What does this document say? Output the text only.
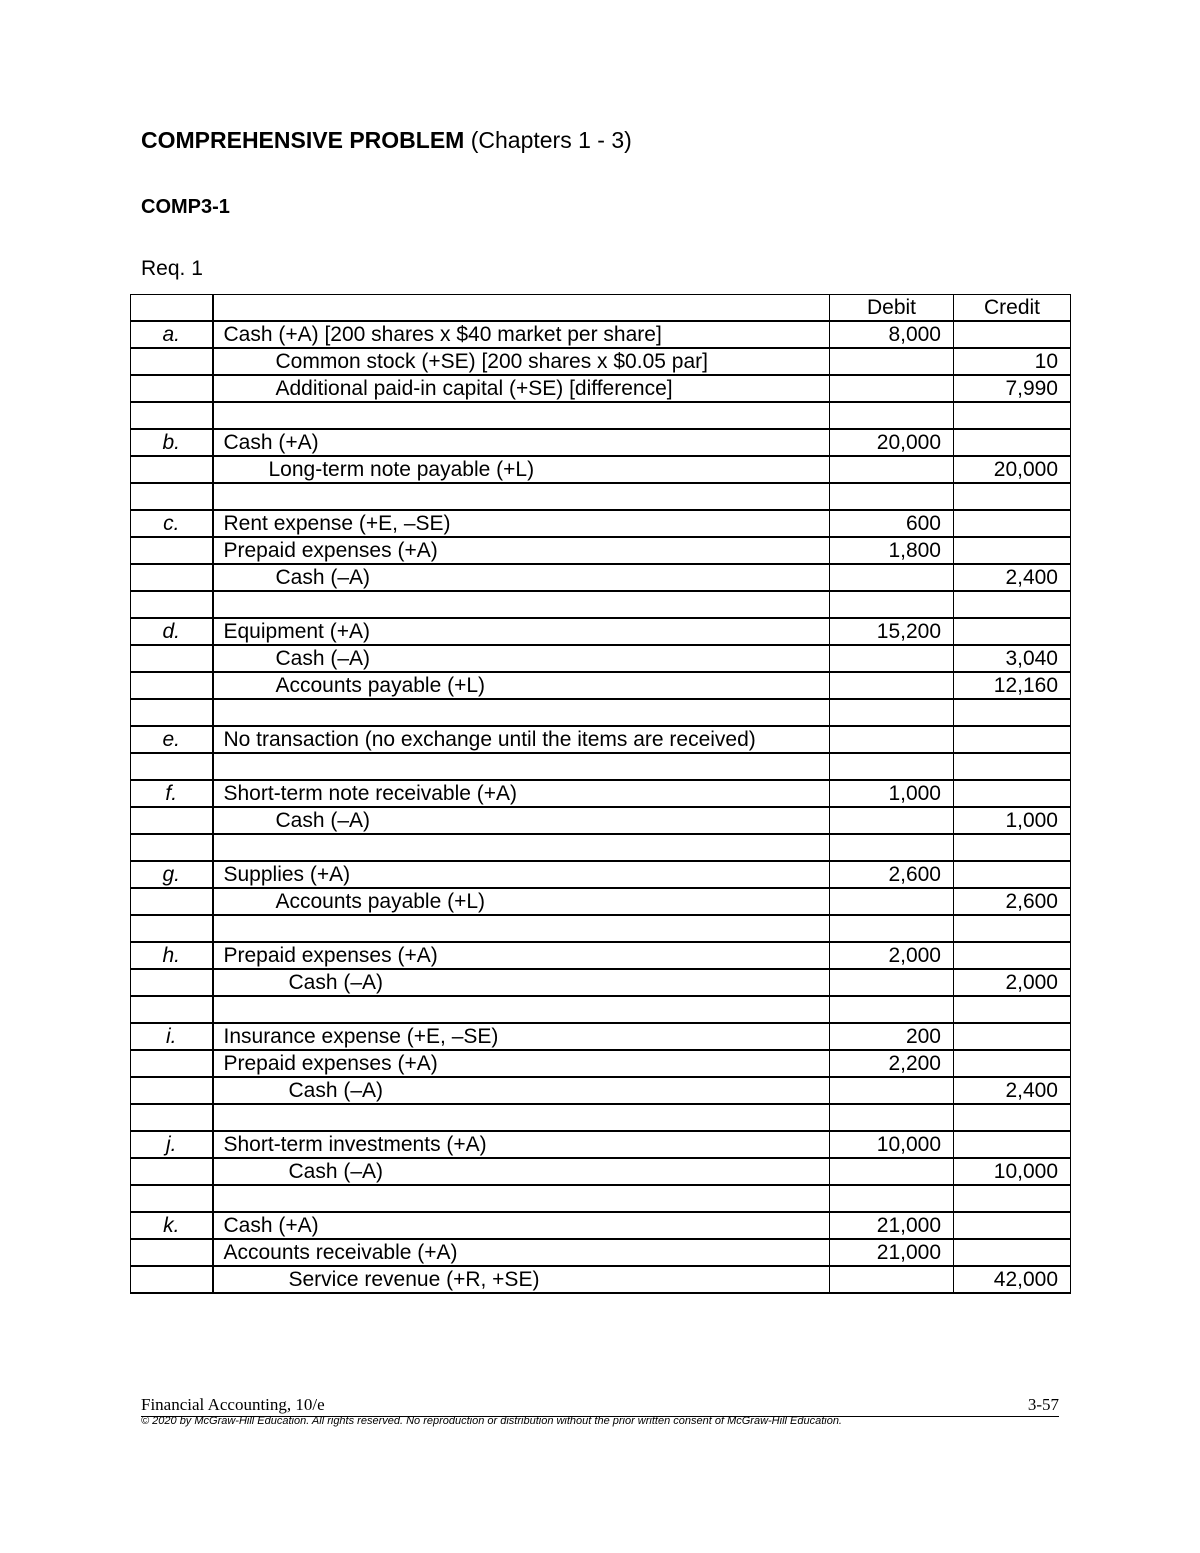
COMPREHENSIVE PROBLEM (Chapters 1 - 3)
COMP3-1
Req. 1
		Debit	Credit
a.	Cash (+A) [200 shares x $40 market per share]	8,000	
	Common stock (+SE) [200 shares x $0.05 par]		10
	Additional paid-in capital (+SE) [difference]		7,990

b.	Cash (+A)	20,000	
	Long-term note payable (+L)		20,000

c.	Rent expense (+E, –SE)	600	
	Prepaid expenses (+A)	1,800	
	Cash (–A)		2,400

d.	Equipment (+A)	15,200	
	Cash (–A)		3,040
	Accounts payable (+L)		12,160

e.	No transaction (no exchange until the items are received)		

f.	Short-term note receivable (+A)	1,000	
	Cash (–A)		1,000

g.	Supplies (+A)	2,600	
	Accounts payable (+L)		2,600

h.	Prepaid expenses (+A)	2,000	
	Cash (–A)		2,000

i.	Insurance expense (+E, –SE)	200	
	Prepaid expenses (+A)	2,200	
	Cash (–A)		2,400

j.	Short-term investments (+A)	10,000	
	Cash (–A)		10,000

k.	Cash (+A)	21,000	
	Accounts receivable (+A)	21,000	
	Service revenue (+R, +SE)		42,000
Financial Accounting, 10/e	3-57
© 2020 by McGraw-Hill Education. All rights reserved. No reproduction or distribution without the prior written consent of McGraw-Hill Education.
